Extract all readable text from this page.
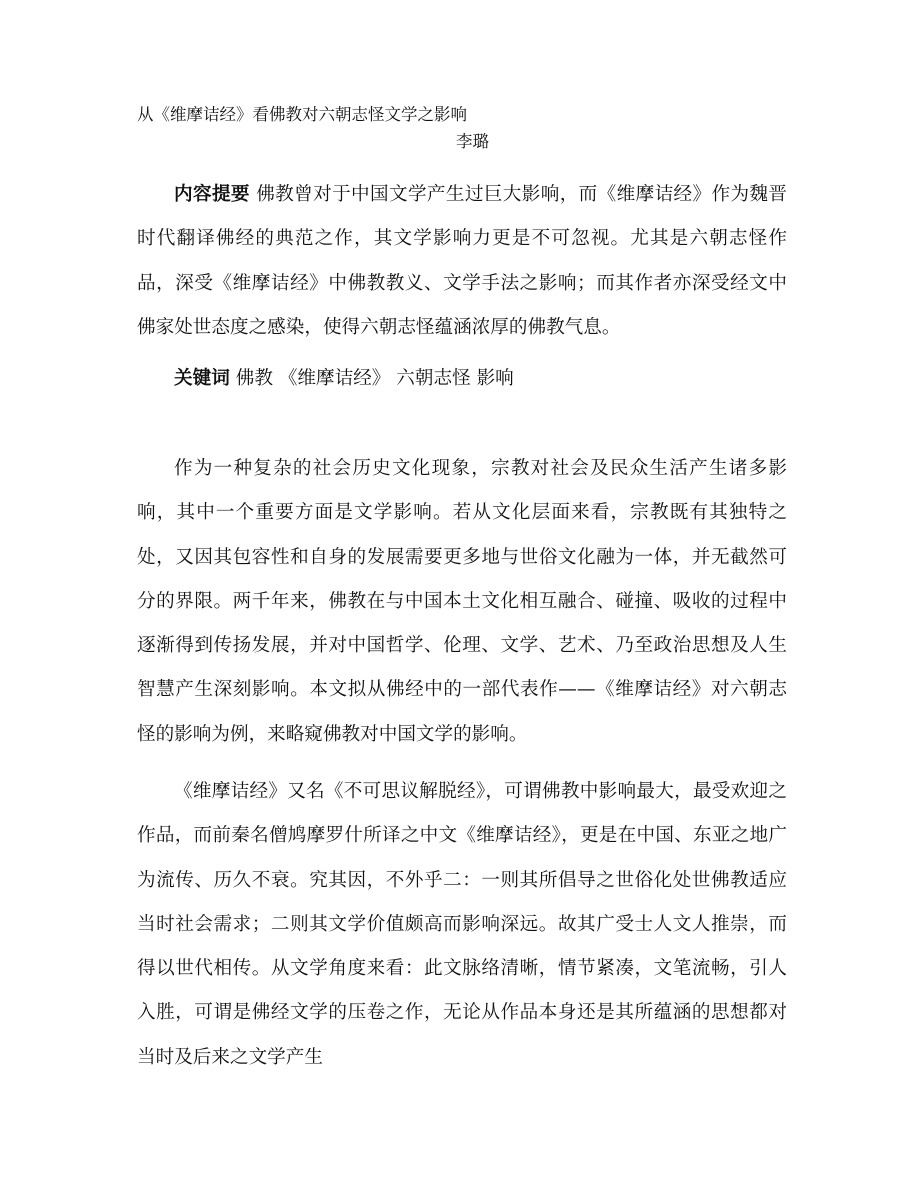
从《维摩诘经》看佛教对六朝志怪文学之影响
李璐

内容提要 佛教曾对于中国文学产生过巨大影响，而《维摩诘经》作为魏晋时代翻译佛经的典范之作，其文学影响力更是不可忽视。尤其是六朝志怪作品，深受《维摩诘经》中佛教教义、文学手法之影响；而其作者亦深受经文中佛家处世态度之感染，使得六朝志怪蕴涵浓厚的佛教气息。

关键词 佛教 《维摩诘经》 六朝志怪 影响

作为一种复杂的社会历史文化现象，宗教对社会及民众生活产生诸多影响，其中一个重要方面是文学影响。若从文化层面来看，宗教既有其独特之处，又因其包容性和自身的发展需要更多地与世俗文化融为一体，并无截然可分的界限。两千年来，佛教在与中国本土文化相互融合、碰撞、吸收的过程中逐渐得到传扬发展，并对中国哲学、伦理、文学、艺术、乃至政治思想及人生智慧产生深刻影响。本文拟从佛经中的一部代表作——《维摩诘经》对六朝志怪的影响为例，来略窥佛教对中国文学的影响。

《维摩诘经》又名《不可思议解脱经》，可谓佛教中影响最大，最受欢迎之作品，而前秦名僧鸠摩罗什所译之中文《维摩诘经》，更是在中国、东亚之地广为流传、历久不衰。究其因，不外乎二：一则其所倡导之世俗化处世佛教适应当时社会需求；二则其文学价值颇高而影响深远。故其广受士人文人推崇，而得以世代相传。从文学角度来看：此文脉络清晰，情节紧凑，文笔流畅，引人入胜，可谓是佛经文学的压卷之作，无论从作品本身还是其所蕴涵的思想都对当时及后来之文学产生
